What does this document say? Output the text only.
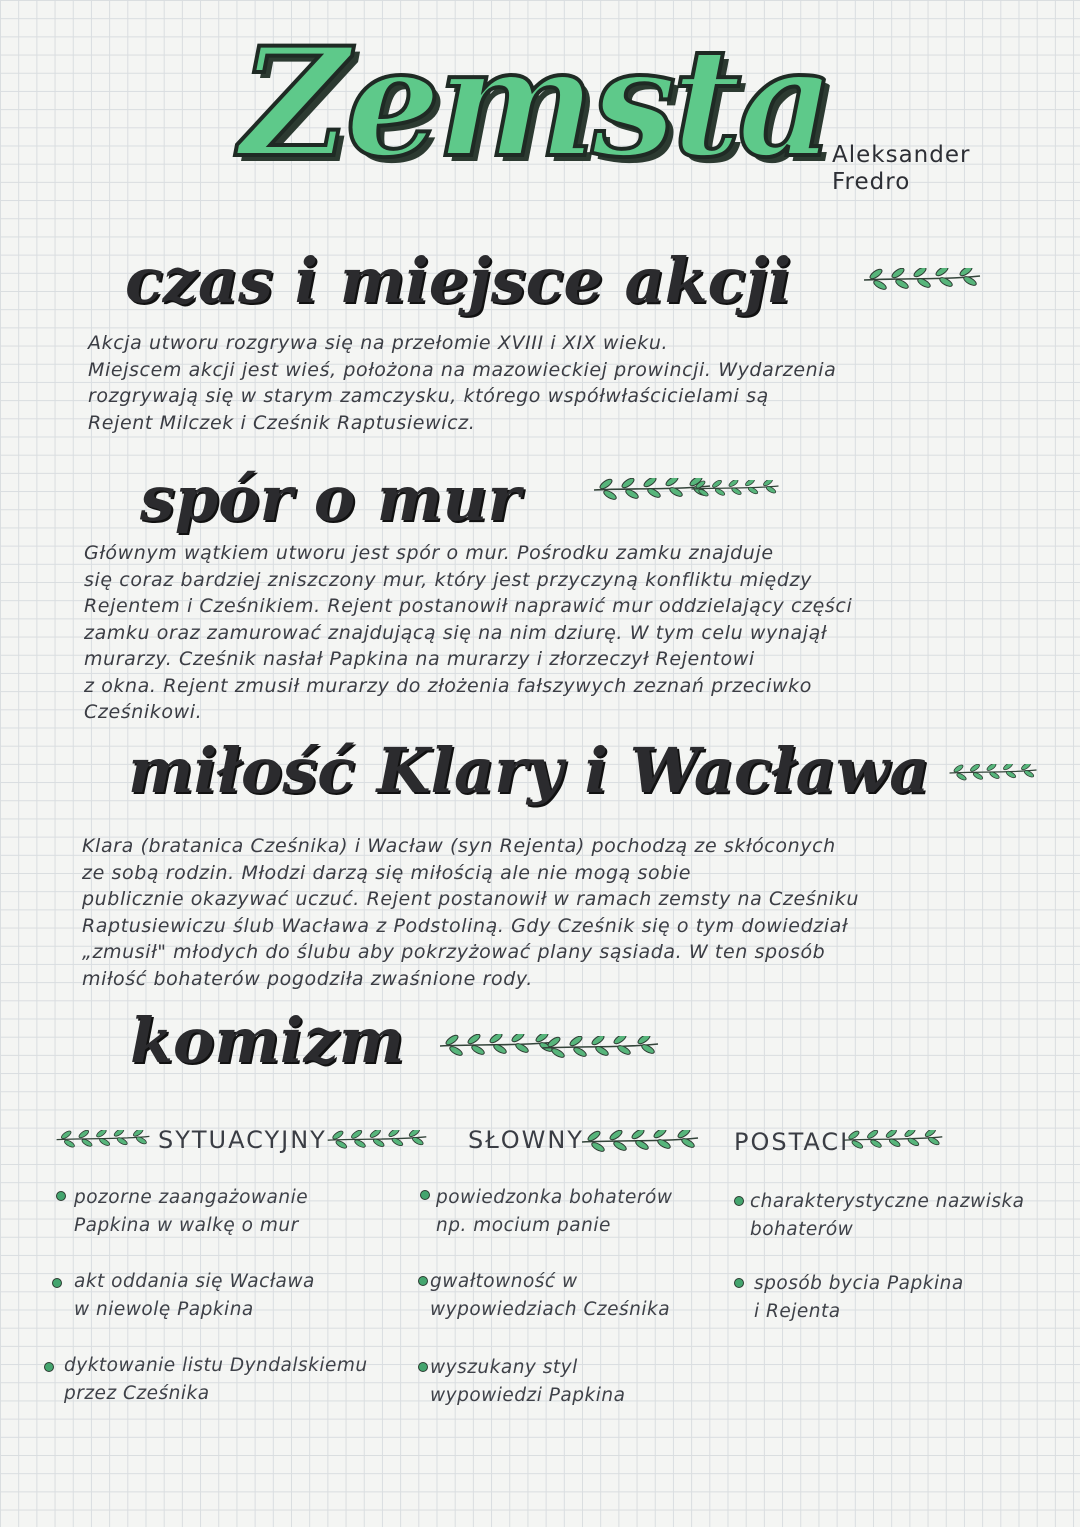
Zemsta Aleksander
Fredro
czas i miejsce akcji
Akcja utworu rozgrywa się na przełomie XVIII i XIX wieku.
Miejscem akcji jest wieś, położona na mazowieckiej prowincji. Wydarzenia
rozgrywają się w starym zamczysku, którego współwłaścicielami są
Rejent Milczek i Cześnik Raptusiewicz.
spór o mur
Głównym wątkiem utworu jest spór o mur. Pośrodku zamku znajduje
się coraz bardziej zniszczony mur, który jest przyczyną konfliktu między
Rejentem i Cześnikiem. Rejent postanowił naprawić mur oddzielający części
zamku oraz zamurować znajdującą się na nim dziurę. W tym celu wynajął
murarzy. Cześnik nasłał Papkina na murarzy i złorzeczył Rejentowi
z okna. Rejent zmusił murarzy do złożenia fałszywych zeznań przeciwko
Cześnikowi.
miłość Klary i Wacława
Klara (bratanica Cześnika) i Wacław (syn Rejenta) pochodzą ze skłóconych
ze sobą rodzin. Młodzi darzą się miłością ale nie mogą sobie
publicznie okazywać uczuć. Rejent postanowił w ramach zemsty na Cześniku
Raptusiewiczu ślub Wacława z Podstoliną. Gdy Cześnik się o tym dowiedział
„zmusił" młodych do ślubu aby pokrzyżować plany sąsiada. W ten sposób
miłość bohaterów pogodziła zwaśnione rody.
komizm
SYTUACYJNY	SŁOWNY	POSTACI
pozorne zaangażowanie
Papkina w walkę o mur
akt oddania się Wacława
w niewolę Papkina
dyktowanie listu Dyndalskiemu
przez Cześnika
powiedzonka bohaterów
np. mocium panie
gwałtowność w
wypowiedziach Cześnika
wyszukany styl
wypowiedzi Papkina
charakterystyczne nazwiska
bohaterów
sposób bycia Papkina
i Rejenta
